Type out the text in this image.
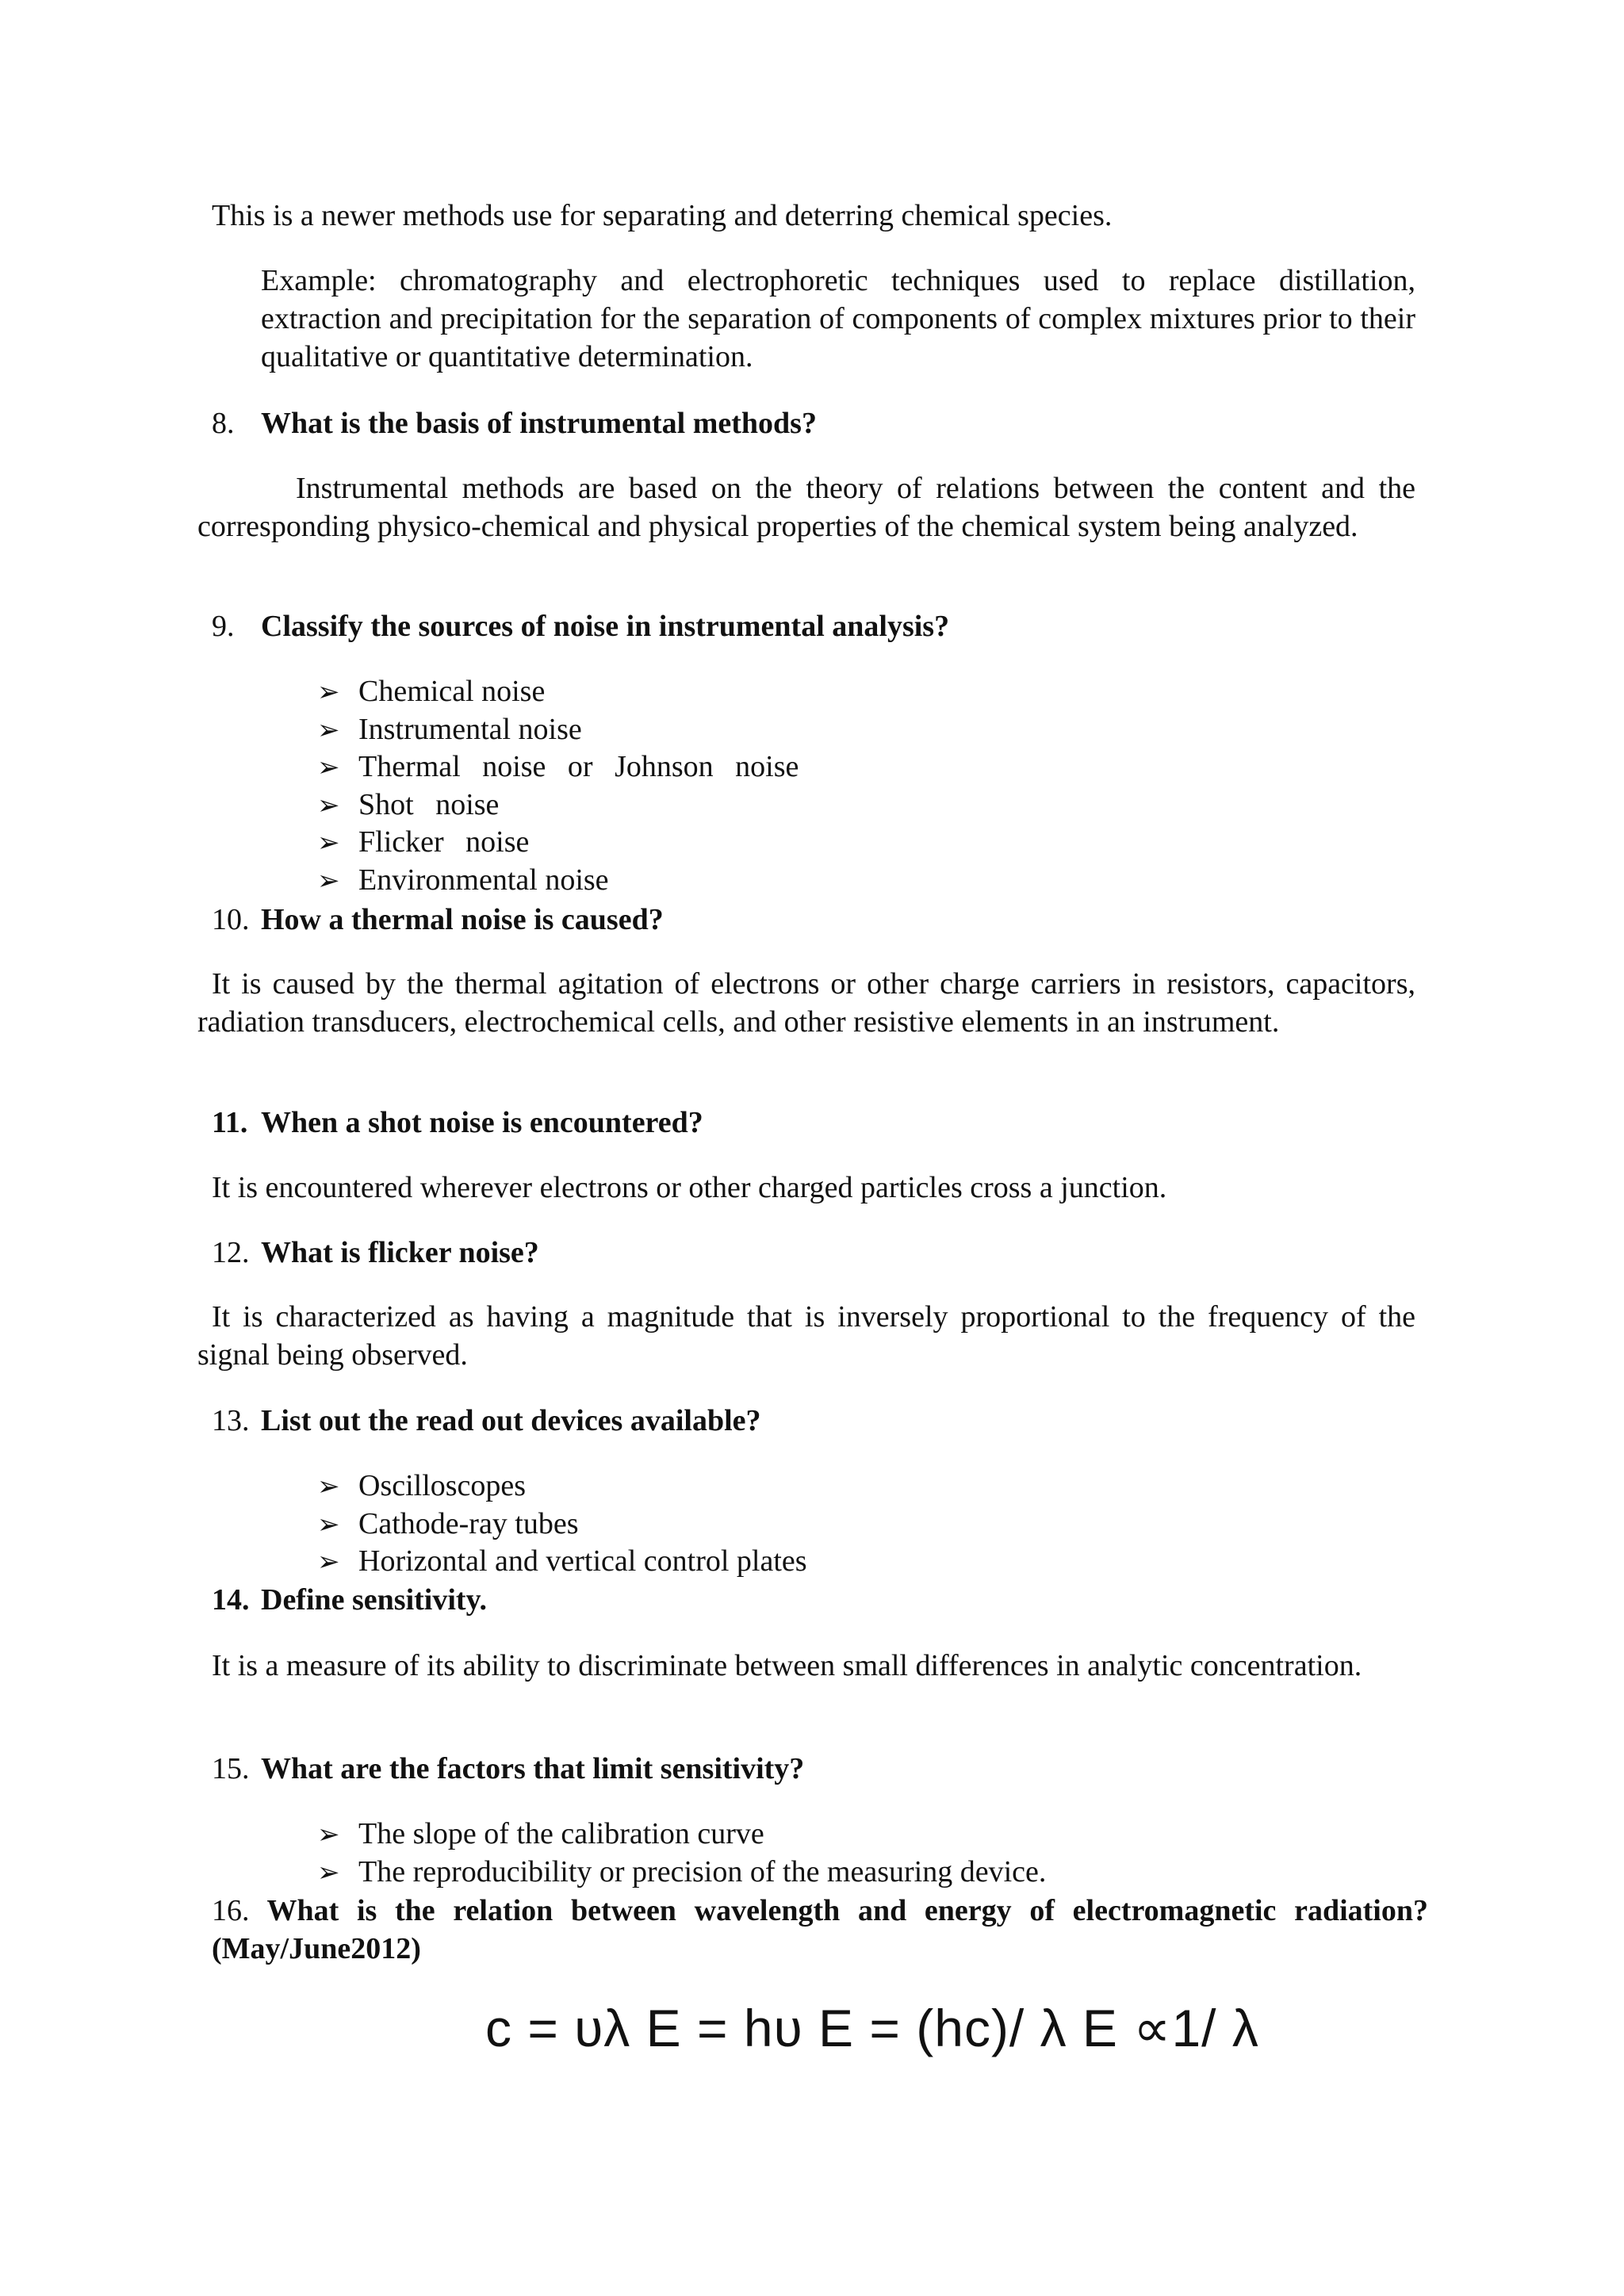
This is a newer methods use for separating and deterring chemical species.
Example: chromatography and electrophoretic techniques used to replace distillation, extraction and precipitation for the separation of components of complex mixtures prior to their qualitative or quantitative determination.
8. What is the basis of instrumental methods?
Instrumental methods are based on the theory of relations between the content and the corresponding physico-chemical and physical properties of the chemical system being analyzed.
9. Classify the sources of noise in instrumental analysis?
➢ Chemical noise
➢ Instrumental noise
➢ Thermal noise or Johnson noise
➢ Shot noise
➢ Flicker noise
➢ Environmental noise
10. How a thermal noise is caused?
It is caused by the thermal agitation of electrons or other charge carriers in resistors, capacitors, radiation transducers, electrochemical cells, and other resistive elements in an instrument.
11. When a shot noise is encountered?
It is encountered wherever electrons or other charged particles cross a junction.
12. What is flicker noise?
It is characterized as having a magnitude that is inversely proportional to the frequency of the signal being observed.
13. List out the read out devices available?
➢ Oscilloscopes
➢ Cathode-ray tubes
➢ Horizontal and vertical control plates
14. Define sensitivity.
It is a measure of its ability to discriminate between small differences in analytic concentration.
15. What are the factors that limit sensitivity?
➢ The slope of the calibration curve
➢ The reproducibility or precision of the measuring device.
16. What is the relation between wavelength and energy of electromagnetic radiation? (May/June2012)
c = υλ E = hυ E = (hc)/ λ E ∝1/ λ
